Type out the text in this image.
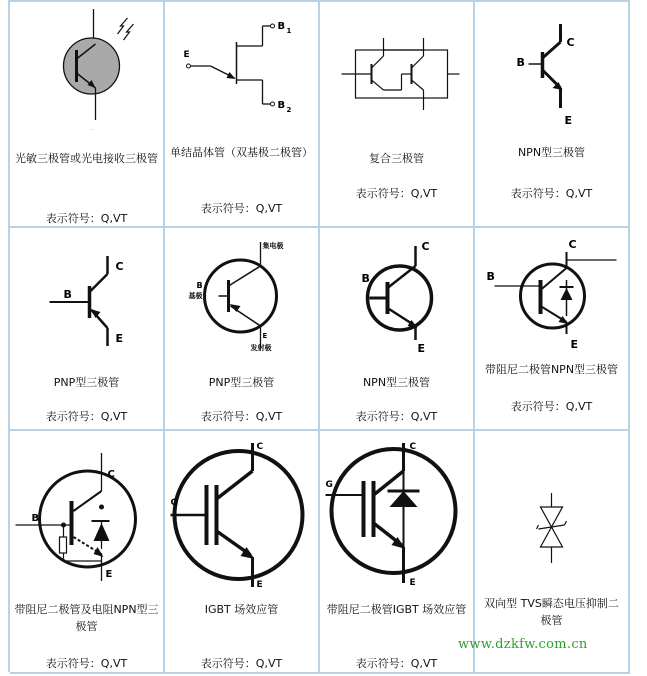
…
光敏三极管或光电接收三极管
表示符号：Q,VT
E
B 1
B 2
单结晶体管（双基极二极管）
表示符号：Q,VT
复合三极管
表示符号：Q,VT
B
C
E
NPN型三极管
表示符号：Q,VT
B
C
E
PNP型三极管
表示符号：Q,VT
集电极
B
基极
E
发射极
PNP型三极管
表示符号：Q,VT
B
C
E
NPN型三极管
表示符号：Q,VT
B
C
E
带阻尼二极管NPN型三极管
表示符号：Q,VT
B
C
E
带阻尼二极管及电阻NPN型三极管
表示符号：Q,VT
G
C
E
IGBT 场效应管
表示符号：Q,VT
G
C
E
带阻尼二极管IGBT 场效应管
表示符号：Q,VT
双向型 TVS瞬态电压抑制二极管
www.dzkfw.com.cn
